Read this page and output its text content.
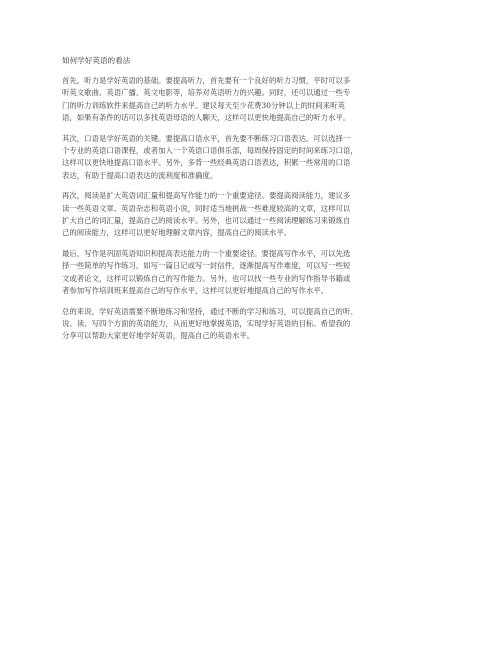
如何学好英语的看法
首先，听力是学好英语的基础。要提高听力，首先要有一个良好的听力习惯，平时可以多
听英文歌曲、英语广播、英文电影等，培养对英语听力的兴趣。同时，还可以通过一些专
门的听力训练软件来提高自己的听力水平。建议每天至少花费30分钟以上的时间来听英
语，如果有条件的话可以多找英语母语的人聊天，这样可以更快地提高自己的听力水平。
其次，口语是学好英语的关键。要提高口语水平，首先要不断练习口语表达。可以选择一
个专业的英语口语课程，或者加入一个英语口语俱乐部，每周保持固定的时间来练习口语，
这样可以更快地提高口语水平。另外，多背一些经典英语口语表达，积累一些常用的口语
表达，有助于提高口语表达的流利度和准确度。
再次，阅读是扩大英语词汇量和提高写作能力的一个重要途径。要提高阅读能力，建议多
读一些英语文章、英语杂志和英语小说，同时适当地挑战一些难度较高的文章，这样可以
扩大自己的词汇量，提高自己的阅读水平。另外，也可以通过一些阅读理解练习来锻炼自
己的阅读能力，这样可以更好地理解文章内容，提高自己的阅读水平。
最后，写作是巩固英语知识和提高表达能力的一个重要途径。要提高写作水平，可以先选
择一些简单的写作练习，如写一篇日记或写一封信件，逐渐提高写作难度，可以写一些短
文或者论文，这样可以锻炼自己的写作能力。另外，也可以找一些专业的写作指导书籍或
者参加写作培训班来提高自己的写作水平，这样可以更好地提高自己的写作水平。
总的来说，学好英语需要不断地练习和坚持，通过不断的学习和练习，可以提高自己的听、
说、读、写四个方面的英语能力，从而更好地掌握英语，实现学好英语的目标。希望我的
分享可以帮助大家更好地学好英语，提高自己的英语水平。
